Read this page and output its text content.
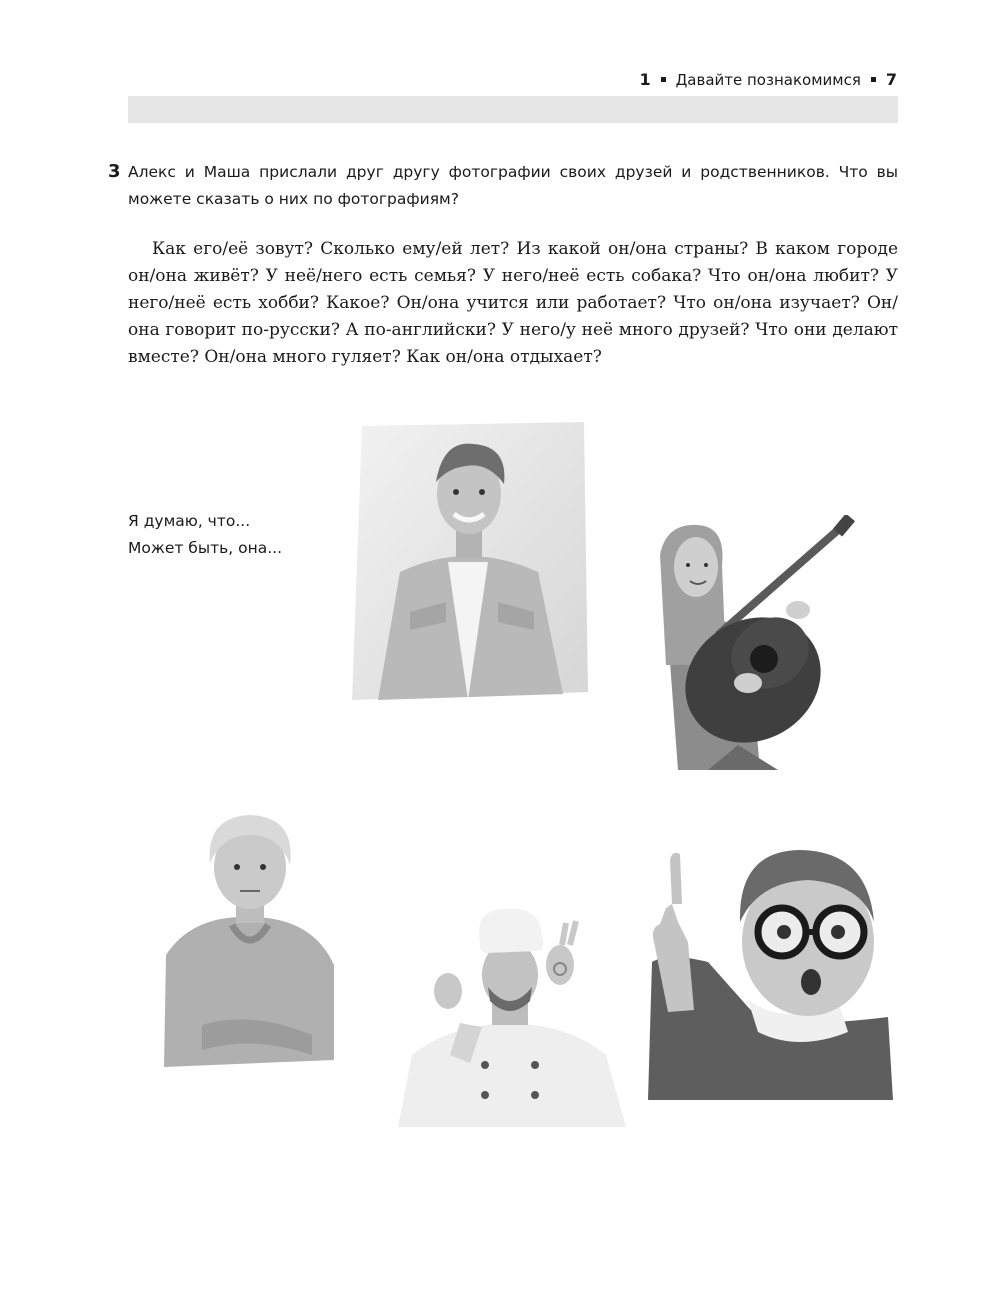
1 Давайте познакомимся 7
3 Алекс и Маша прислали друг другу фотографии своих друзей и родственников. Что вы можете сказать о них по фотографиям?

Как его/её зовут? Сколько ему/ей лет? Из какой он/она страны? В каком городе он/она живёт? У неё/него есть семья? У него/неё есть собака? Что он/она любит? У него/неё есть хобби? Какое? Он/она учится или работает? Что он/она изучает? Он/она говорит по-русски? А по-английски? У него/у неё много друзей? Что они делают вместе? Он/она много гуляет? Как он/она отдыхает?

Я думаю, что...
Может быть, она...
